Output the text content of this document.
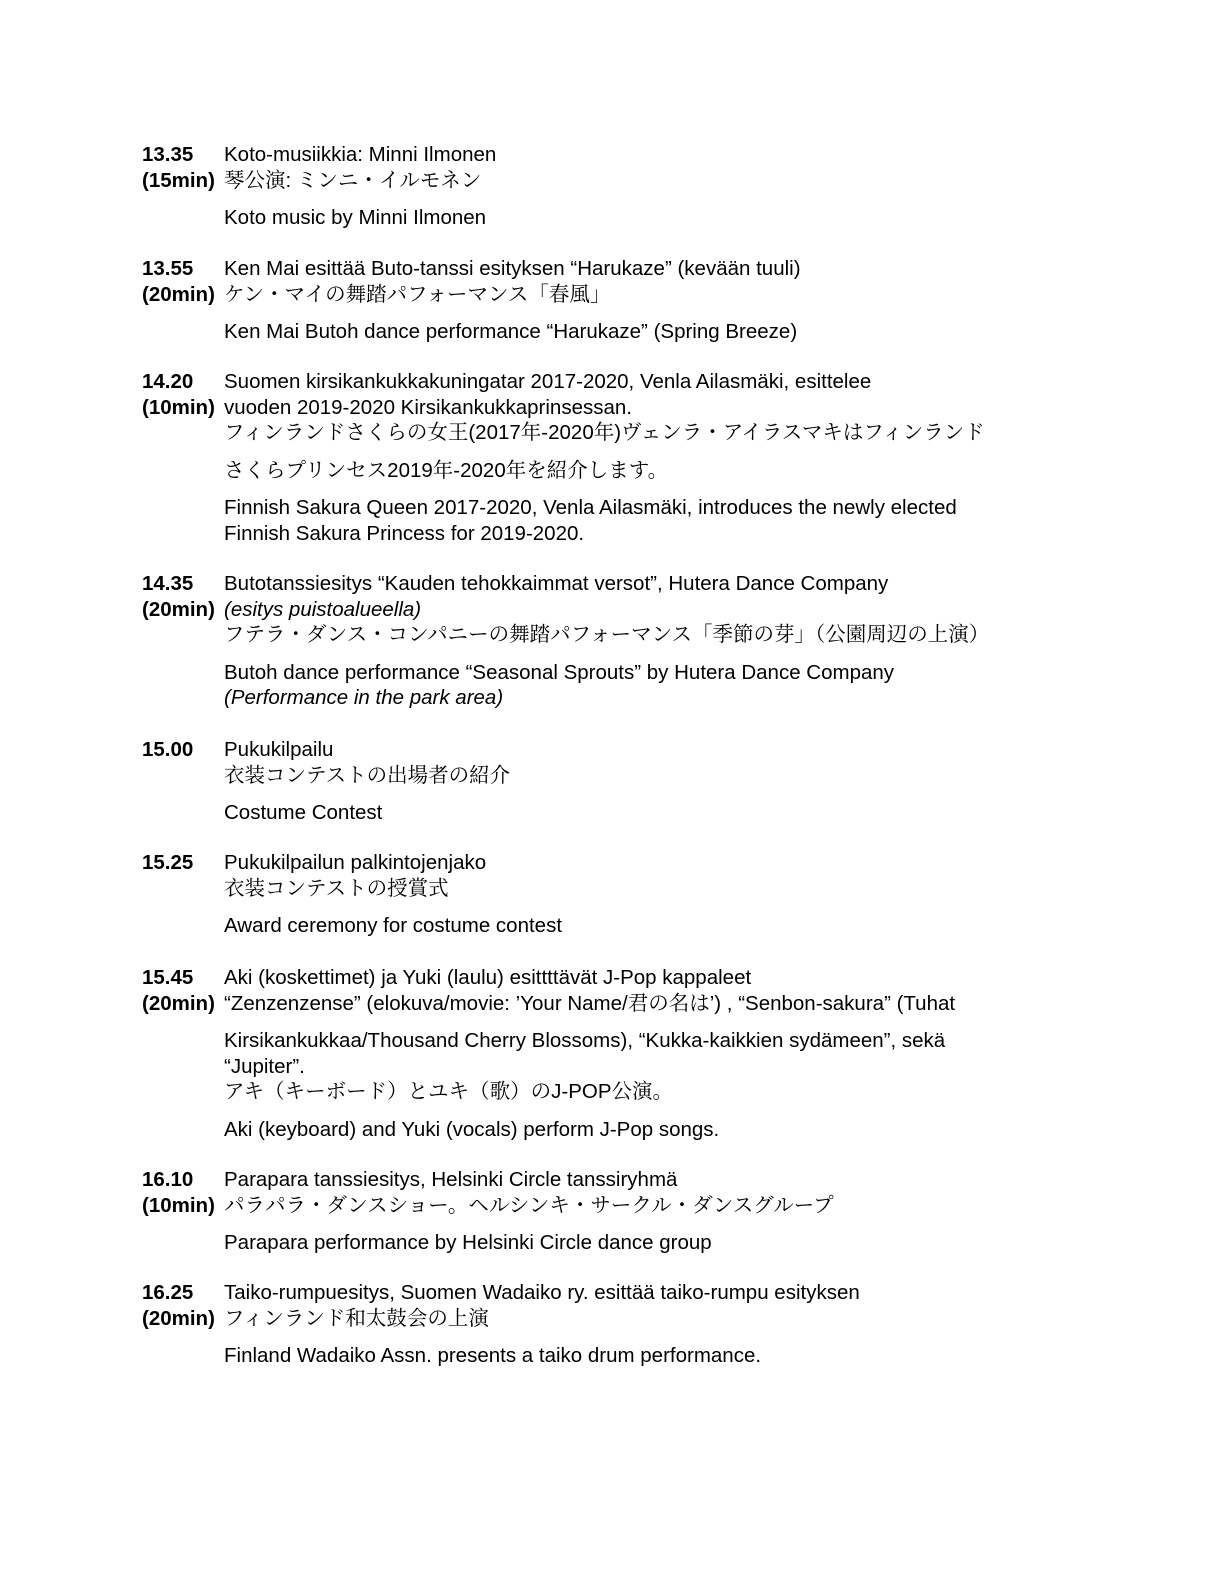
13.35
(15min)
Koto-musiikkia: Minni Ilmonen
琴公演: ミンニ・イルモネン
Koto music by Minni Ilmonen
13.55
(20min)
Ken Mai esittää Buto-tanssi esityksen “Harukaze” (kevään tuuli)
ケン・マイの舞踏パフォーマンス「春風」
Ken Mai Butoh dance performance “Harukaze” (Spring Breeze)
14.20
(10min)
Suomen kirsikankukkakuningatar 2017-2020, Venla Ailasmäki, esittelee
vuoden 2019-2020 Kirsikankukkaprinsessan.
フィンランドさくらの女王(2017年-2020年)ヴェンラ・アイラスマキはフィンランド
さくらプリンセス2019年-2020年を紹介します。
Finnish Sakura Queen 2017-2020, Venla Ailasmäki, introduces the newly elected
Finnish Sakura Princess for 2019-2020.
14.35
(20min)
Butotanssiesitys “Kauden tehokkaimmat versot”, Hutera Dance Company
(esitys puistoalueella)
フテラ・ダンス・コンパニーの舞踏パフォーマンス「季節の芽」（公園周辺の上演）
Butoh dance performance “Seasonal Sprouts” by Hutera Dance Company
(Performance in the park area)
15.00	Pukukilpailu
衣装コンテストの出場者の紹介
Costume Contest
15.25	Pukukilpailun palkintojenjako
衣装コンテストの授賞式
Award ceremony for costume contest
15.45
(20min)
Aki (koskettimet) ja Yuki (laulu) esittttävät J-Pop kappaleet
“Zenzenzense” (elokuva/movie: ’Your Name/君の名は’) , “Senbon-sakura” (Tuhat
Kirsikankukkaa/Thousand Cherry Blossoms), “Kukka-kaikkien sydämeen”, sekä
“Jupiter”.
アキ（キーボード）とユキ（歌）のJ-POP公演。
Aki (keyboard) and Yuki (vocals) perform J-Pop songs.
16.10
(10min)
Parapara tanssiesitys, Helsinki Circle tanssiryhmä
パラパラ・ダンスショー。ヘルシンキ・サークル・ダンスグループ
Parapara performance by Helsinki Circle dance group
16.25
(20min)
Taiko-rumpuesitys, Suomen Wadaiko ry. esittää taiko-rumpu esityksen
フィンランド和太鼓会の上演
Finland Wadaiko Assn. presents a taiko drum performance.
